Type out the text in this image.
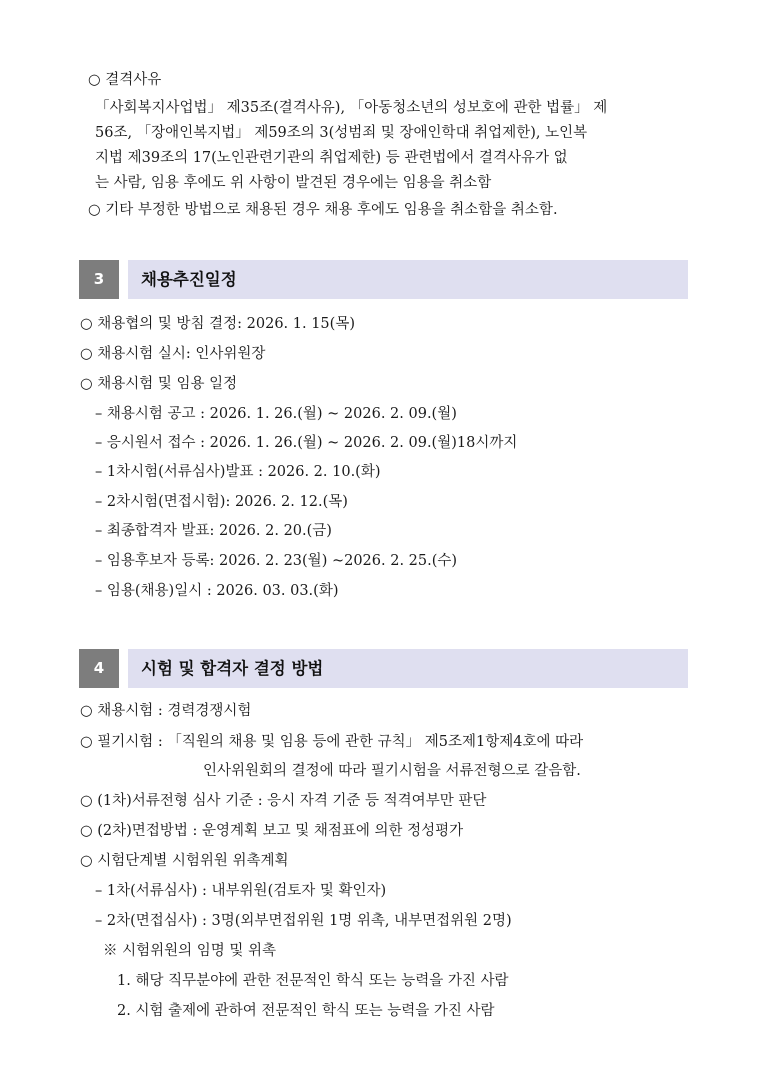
○ 결격사유
「사회복지사업법」 제35조(결격사유), 「아동청소년의 성보호에 관한 법률」 제
56조, 「장애인복지법」 제59조의 3(성범죄 및 장애인학대 취업제한), 노인복
지법 제39조의 17(노인관련기관의 취업제한) 등 관련법에서 결격사유가 없
는 사람, 임용 후에도 위 사항이 발견된 경우에는 임용을 취소함
○ 기타 부정한 방법으로 채용된 경우 채용 후에도 임용을 취소함을 취소함.
3	채용추진일정
○ 채용협의 및 방침 결정: 2026. 1. 15(목)
○ 채용시험 실시: 인사위원장
○ 채용시험 및 임용 일정
– 채용시험 공고 : 2026. 1. 26.(월) ~ 2026. 2. 09.(월)
– 응시원서 접수 : 2026. 1. 26.(월) ~ 2026. 2. 09.(월)18시까지
– 1차시험(서류심사)발표 : 2026. 2. 10.(화)
– 2차시험(면접시험): 2026. 2. 12.(목)
– 최종합격자 발표: 2026. 2. 20.(금)
– 임용후보자 등록: 2026. 2. 23(월) ~2026. 2. 25.(수)
– 임용(채용)일시 : 2026. 03. 03.(화)
4	시험 및 합격자 결정 방법
○ 채용시험 : 경력경쟁시험
○ 필기시험 : 「직원의 채용 및 임용 등에 관한 규칙」 제5조제1항제4호에 따라
인사위원회의 결정에 따라 필기시험을 서류전형으로 갈음함.
○ (1차)서류전형 심사 기준 : 응시 자격 기준 등 적격여부만 판단
○ (2차)면접방법 : 운영계획 보고 및 채점표에 의한 정성평가
○ 시험단계별 시험위원 위촉계획
– 1차(서류심사) : 내부위원(검토자 및 확인자)
– 2차(면접심사) : 3명(외부면접위원 1명 위촉, 내부면접위원 2명)
※ 시험위원의 임명 및 위촉
1. 해당 직무분야에 관한 전문적인 학식 또는 능력을 가진 사람
2. 시험 출제에 관하여 전문적인 학식 또는 능력을 가진 사람
